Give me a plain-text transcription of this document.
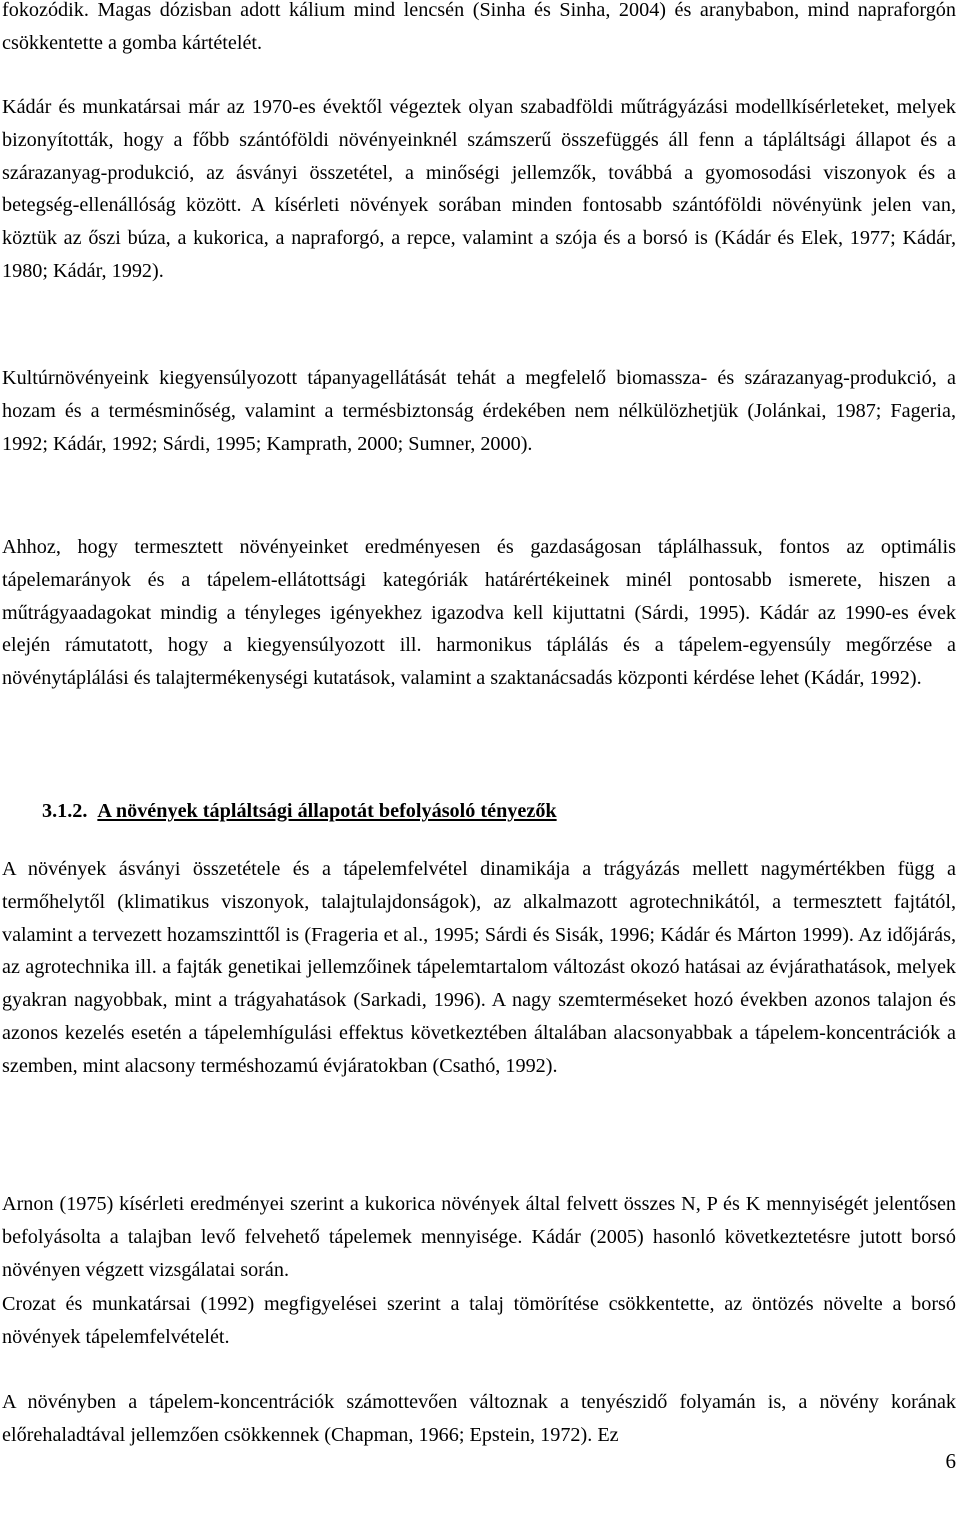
fokozódik. Magas dózisban adott kálium mind lencsén (Sinha és Sinha, 2004) és aranybabon, mind napraforgón csökkentette a gomba kártételét.

Kádár és munkatársai már az 1970-es évektől végeztek olyan szabadföldi műtrágyázási modellkísérleteket, melyek bizonyították, hogy a főbb szántóföldi növényeinknél számszerű összefüggés áll fenn a tápláltsági állapot és a szárazanyag-produkció, az ásványi összetétel, a minőségi jellemzők, továbbá a gyomosodási viszonyok és a betegség-ellenállóság között. A kísérleti növények sorában minden fontosabb szántóföldi növényünk jelen van, köztük az őszi búza, a kukorica, a napraforgó, a repce, valamint a szója és a borsó is (Kádár és Elek, 1977; Kádár, 1980; Kádár, 1992).

Kultúrnövényeink kiegyensúlyozott tápanyagellátását tehát a megfelelő biomassza- és szárazanyag-produkció, a hozam és a termésminőség, valamint a termésbiztonság érdekében nem nélkülözhetjük (Jolánkai, 1987; Fageria, 1992; Kádár, 1992; Sárdi, 1995; Kamprath, 2000; Sumner, 2000).

Ahhoz, hogy termesztett növényeinket eredményesen és gazdaságosan táplálhassuk, fontos az optimális tápelemarányok és a tápelem-ellátottsági kategóriák határértékeinek minél pontosabb ismerete, hiszen a műtrágyaadagokat mindig a tényleges igényekhez igazodva kell kijuttatni (Sárdi, 1995). Kádár az 1990-es évek elején rámutatott, hogy a kiegyensúlyozott ill. harmonikus táplálás és a tápelem-egyensúly megőrzése a növénytáplálási és talajtermékenységi kutatások, valamint a szaktanácsadás központi kérdése lehet (Kádár, 1992).

3.1.2. A növények tápláltsági állapotát befolyásoló tényezők

A növények ásványi összetétele és a tápelemfelvétel dinamikája a trágyázás mellett nagymértékben függ a termőhelytől (klimatikus viszonyok, talajtulajdonságok), az alkalmazott agrotechnikától, a termesztett fajtától, valamint a tervezett hozamszinttől is (Frageria et al., 1995; Sárdi és Sisák, 1996; Kádár és Márton 1999). Az időjárás, az agrotechnika ill. a fajták genetikai jellemzőinek tápelemtartalom változást okozó hatásai az évjárathatások, melyek gyakran nagyobbak, mint a trágyahatások (Sarkadi, 1996). A nagy szemterméseket hozó években azonos talajon és azonos kezelés esetén a tápelemhígulási effektus következtében általában alacsonyabbak a tápelem-koncentrációk a szemben, mint alacsony terméshozamú évjáratokban (Csathó, 1992).

Arnon (1975) kísérleti eredményei szerint a kukorica növények által felvett összes N, P és K mennyiségét jelentősen befolyásolta a talajban levő felvehető tápelemek mennyisége. Kádár (2005) hasonló következtetésre jutott borsó növényen végzett vizsgálatai során.

Crozat és munkatársai (1992) megfigyelései szerint a talaj tömörítése csökkentette, az öntözés növelte a borsó növények tápelemfelvételét.

A növényben a tápelem-koncentrációk számottevően változnak a tenyészidő folyamán is, a növény korának előrehaladtával jellemzően csökkennek (Chapman, 1966; Epstein, 1972). Ez

6
